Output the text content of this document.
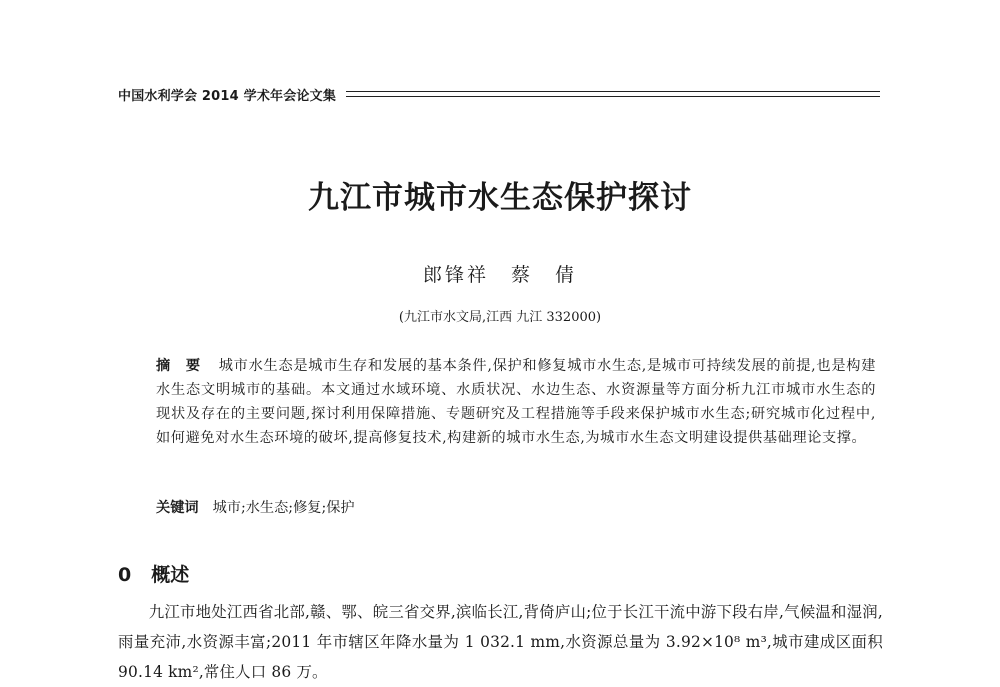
中国水利学会 2014 学术年会论文集
九江市城市水生态保护探讨
郎锋祥　蔡　倩
(九江市水文局,江西 九江 332000)
摘　要 城市水生态是城市生存和发展的基本条件,保护和修复城市水生态,是城市可持续发展的前提,也是构建水生态文明城市的基础。本文通过水域环境、水质状况、水边生态、水资源量等方面分析九江市城市水生态的现状及存在的主要问题,探讨利用保障措施、专题研究及工程措施等手段来保护城市水生态;研究城市化过程中,如何避免对水生态环境的破坏,提高修复技术,构建新的城市水生态,为城市水生态文明建设提供基础理论支撑。
关键词 城市;水生态;修复;保护
0 概述
九江市地处江西省北部,赣、鄂、皖三省交界,滨临长江,背倚庐山;位于长江干流中游下段右岸,气候温和湿润,雨量充沛,水资源丰富;2011 年市辖区年降水量为 1 032.1 mm,水资源总量为 3.92×10⁸ m³,城市建成区面积 90.14 km²,常住人口 86 万。
